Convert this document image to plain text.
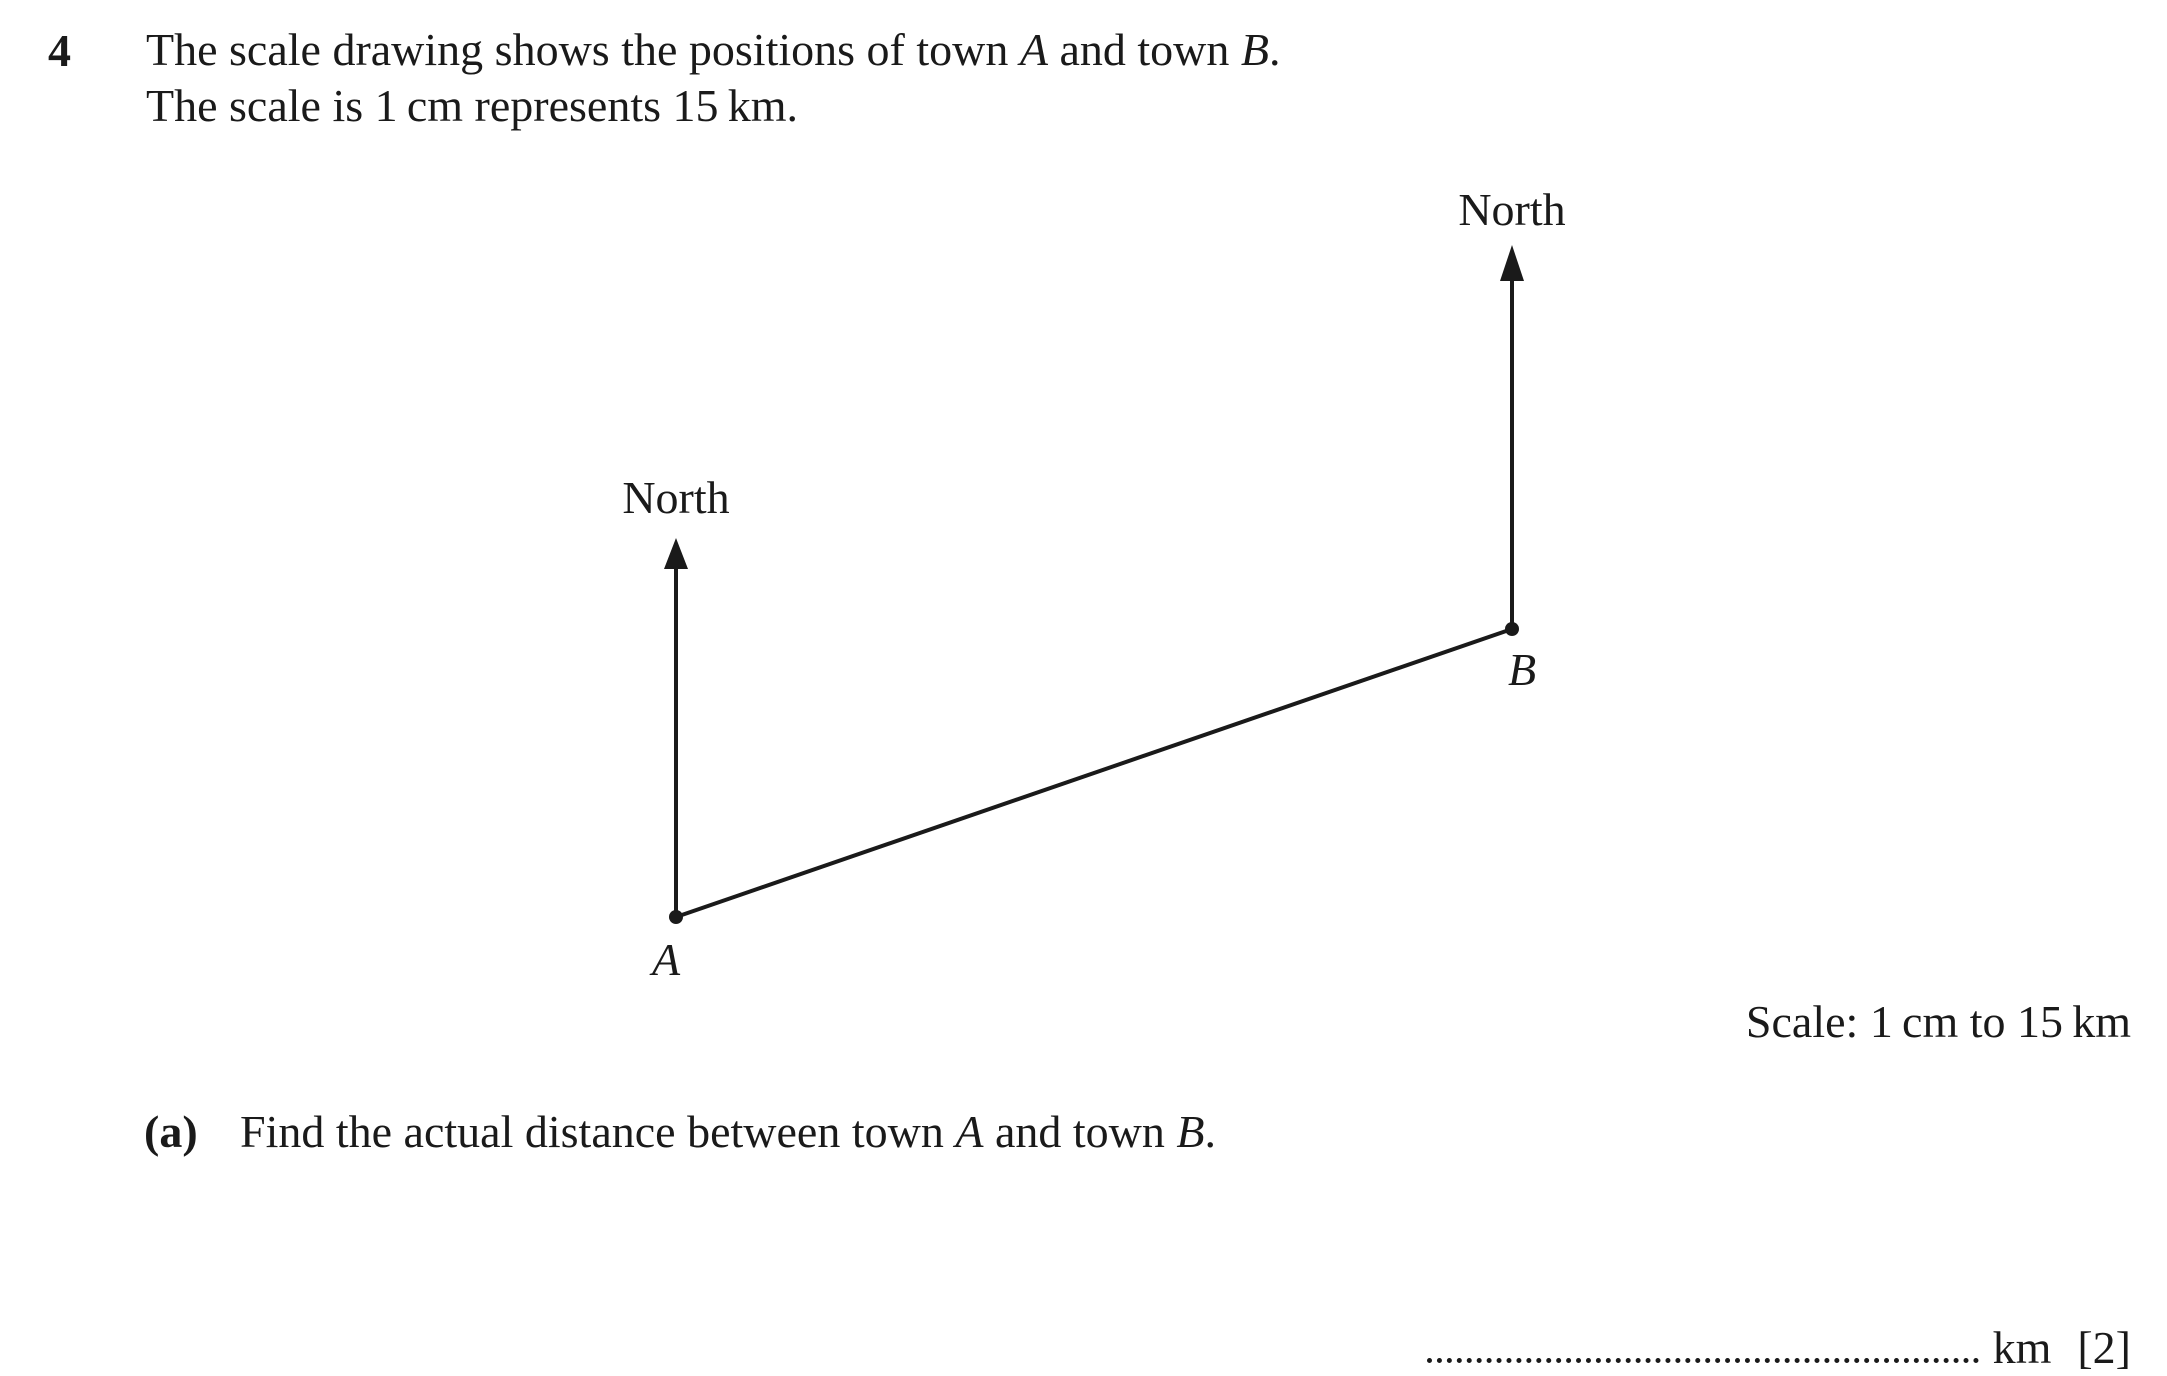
4 The scale drawing shows the positions of town A and town B.
The scale is 1 cm represents 15 km.
North
North
A
B
Scale: 1 cm to 15 km
(a) Find the actual distance between town A and town B.
km [2]
